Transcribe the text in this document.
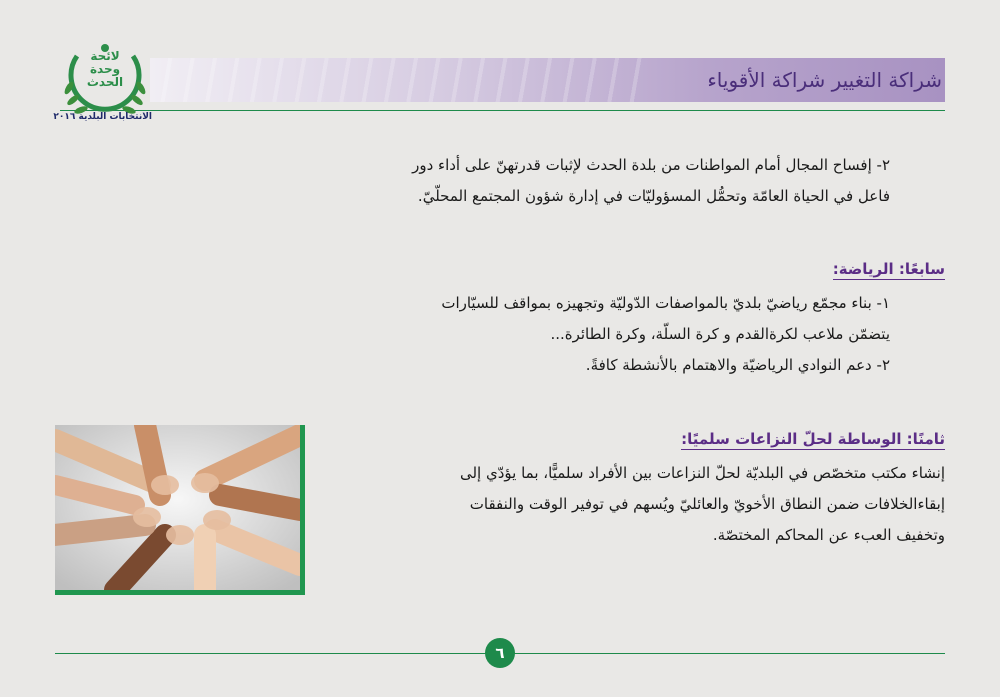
شراكة التغيير شراكة الأقوياء
لائحة
وحدة
الحدث
الانتخابات البلدية ٢٠١٦
٢- إفساح المجال أمام المواطنات من بلدة الحدث لإثبات قدرتهنّ على أداء دور
فاعل في الحياة العامّة وتحمُّل المسؤوليّات في إدارة شؤون المجتمع المحلّيّ.
سابعًا: الرياضة:
١- بناء مجمّع رياضيّ بلديّ بالمواصفات الدّوليّة وتجهيزه بمواقف للسيّارات
يتضمّن ملاعب لكرةالقدم و كرة السلّة، وكرة الطائرة...
٢- دعم النوادي الرياضيّة والاهتمام بالأنشطة كافةً.
ثامنًا: الوساطة لحلّ النزاعات سلميًا:
إنشاء مكتب متخصّص في البلديّة لحلّ النزاعات بين الأفراد سلميًّا، بما يؤدّي إلى
إبقاءالخلافات ضمن النطاق الأخويّ والعائليّ ويُسهم في توفير الوقت والنفقات
وتخفيف العبء عن المحاكم المختصّة.
٦
